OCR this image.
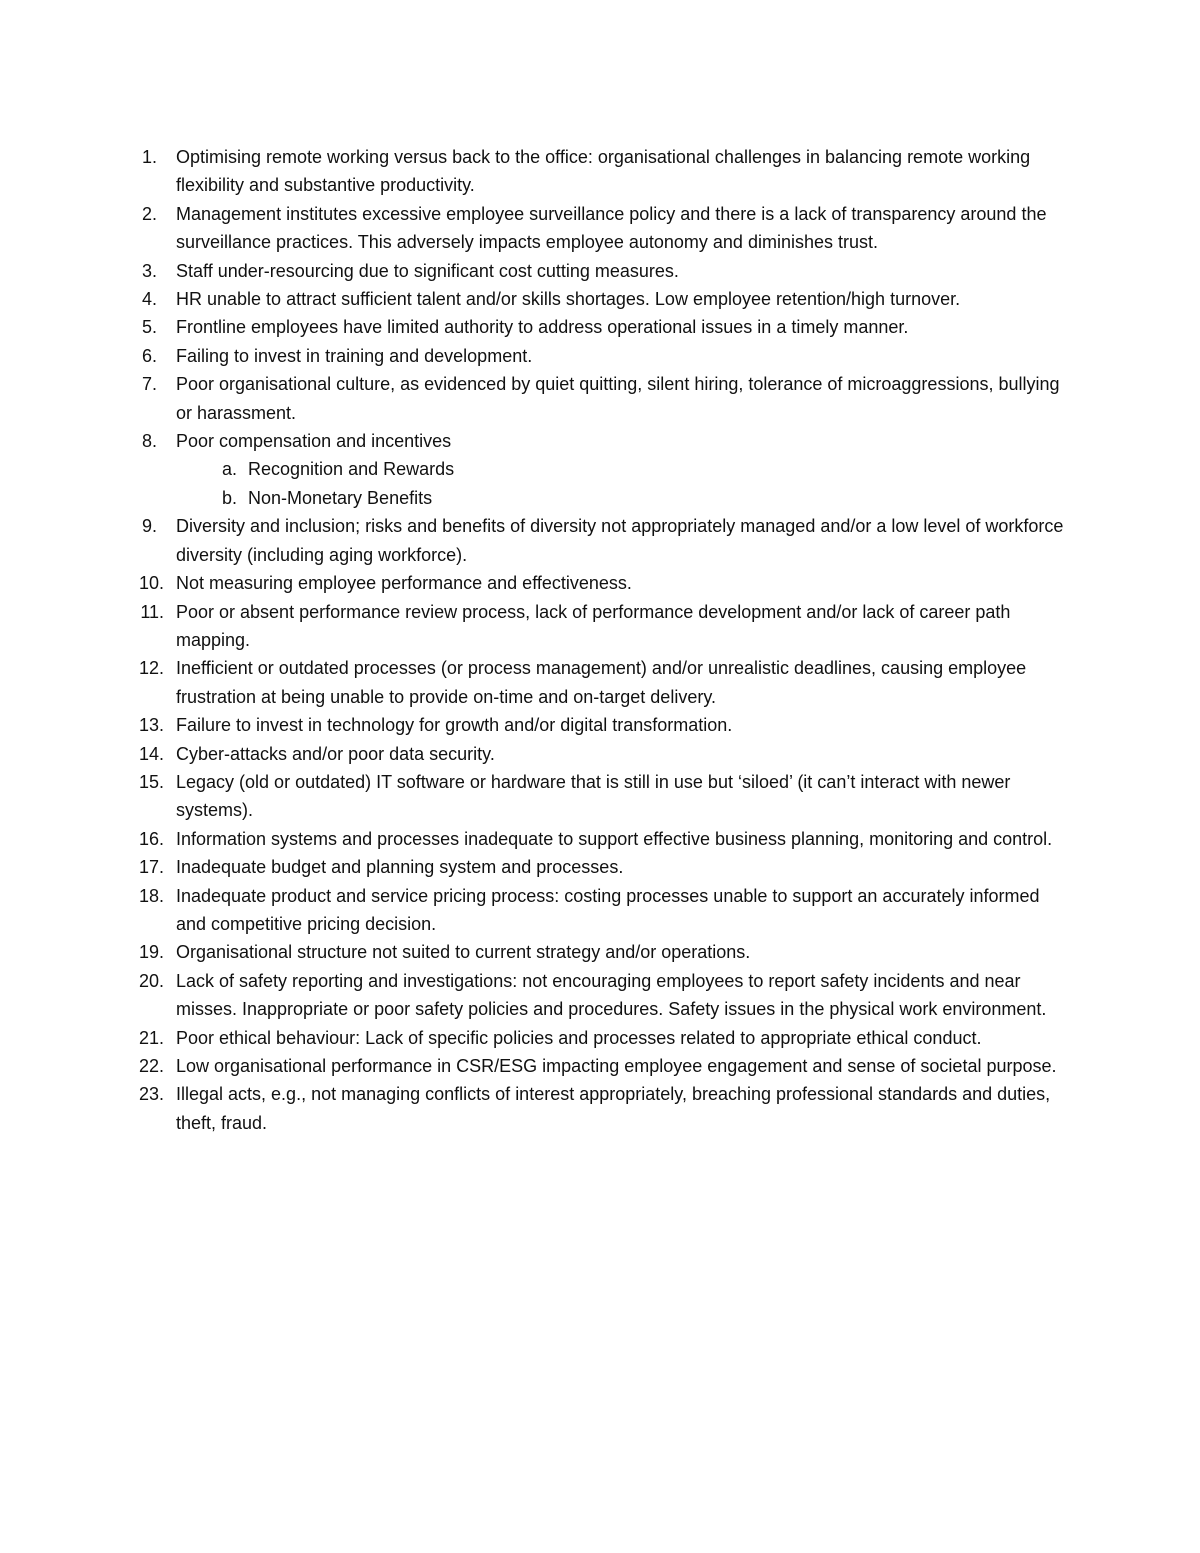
1.	Optimising remote working versus back to the office: organisational challenges in balancing remote working flexibility and substantive productivity.
2.	Management institutes excessive employee surveillance policy and there is a lack of transparency around the surveillance practices. This adversely impacts employee autonomy and diminishes trust.
3.	Staff under-resourcing due to significant cost cutting measures.
4.	HR unable to attract sufficient talent and/or skills shortages. Low employee retention/high turnover.
5.	Frontline employees have limited authority to address operational issues in a timely manner.
6.	Failing to invest in training and development.
7.	Poor organisational culture, as evidenced by quiet quitting, silent hiring, tolerance of microaggressions, bullying or harassment.
8.	Poor compensation and incentives
a. Recognition and Rewards
b. Non-Monetary Benefits
9.	Diversity and inclusion; risks and benefits of diversity not appropriately managed and/or a low level of workforce diversity (including aging workforce).
10. Not measuring employee performance and effectiveness.
11. Poor or absent performance review process, lack of performance development and/or lack of career path mapping.
12. Inefficient or outdated processes (or process management) and/or unrealistic deadlines, causing employee frustration at being unable to provide on-time and on-target delivery.
13. Failure to invest in technology for growth and/or digital transformation.
14. Cyber-attacks and/or poor data security.
15. Legacy (old or outdated) IT software or hardware that is still in use but ‘siloed’ (it can’t interact with newer systems).
16. Information systems and processes inadequate to support effective business planning, monitoring and control.
17. Inadequate budget and planning system and processes.
18. Inadequate product and service pricing process: costing processes unable to support an accurately informed and competitive pricing decision.
19. Organisational structure not suited to current strategy and/or operations.
20. Lack of safety reporting and investigations: not encouraging employees to report safety incidents and near misses. Inappropriate or poor safety policies and procedures. Safety issues in the physical work environment.
21. Poor ethical behaviour: Lack of specific policies and processes related to appropriate ethical conduct.
22. Low organisational performance in CSR/ESG impacting employee engagement and sense of societal purpose.
23. Illegal acts, e.g., not managing conflicts of interest appropriately, breaching professional standards and duties, theft, fraud.
